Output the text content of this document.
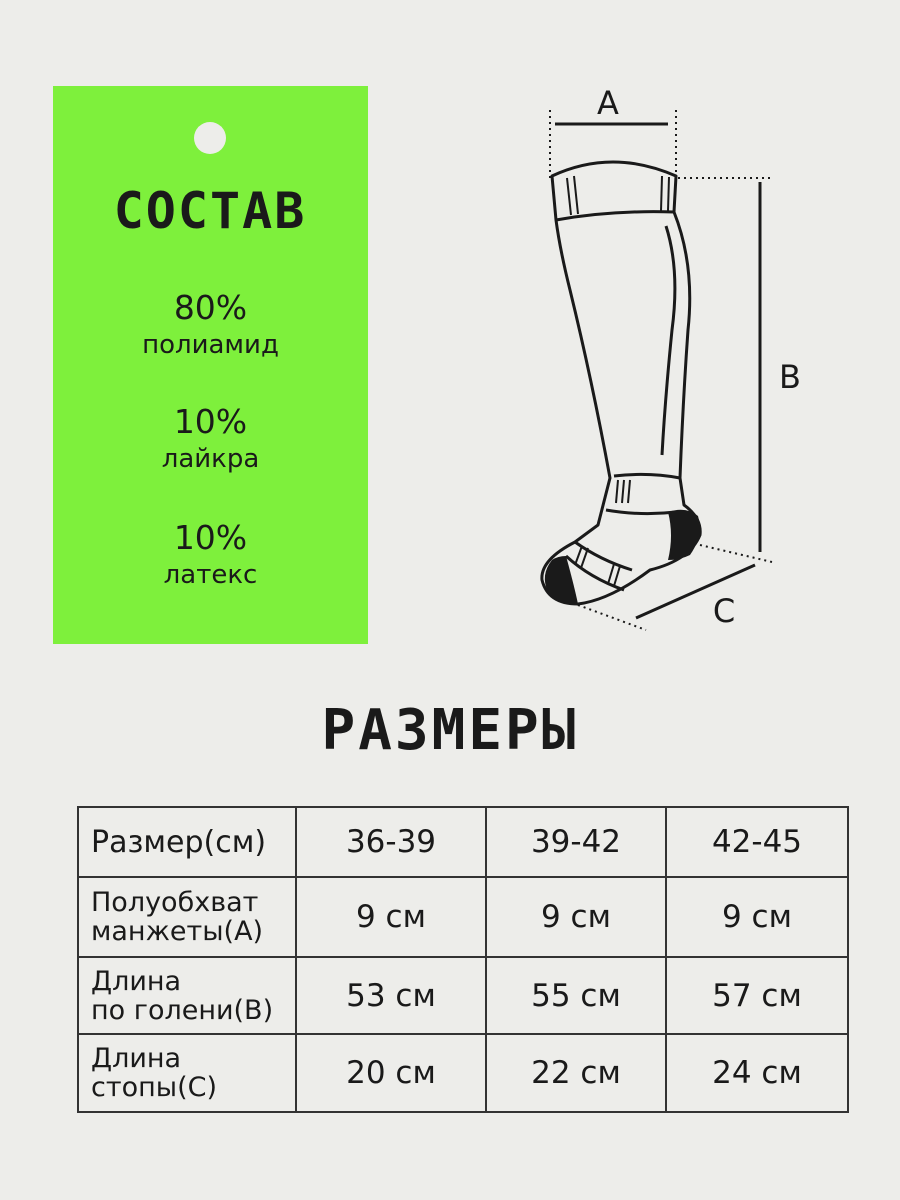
СОСТАВ
80%
полиамид
10%
лайкра
10%
латекс
A
B
C
РАЗМЕРЫ
Размер(см)	36-39	39-42	42-45
Полуобхват
манжеты(A)	9 см	9 см	9 см
Длина
по голени(B)	53 см	55 см	57 см
Длина
стопы(C)	20 см	22 см	24 см
